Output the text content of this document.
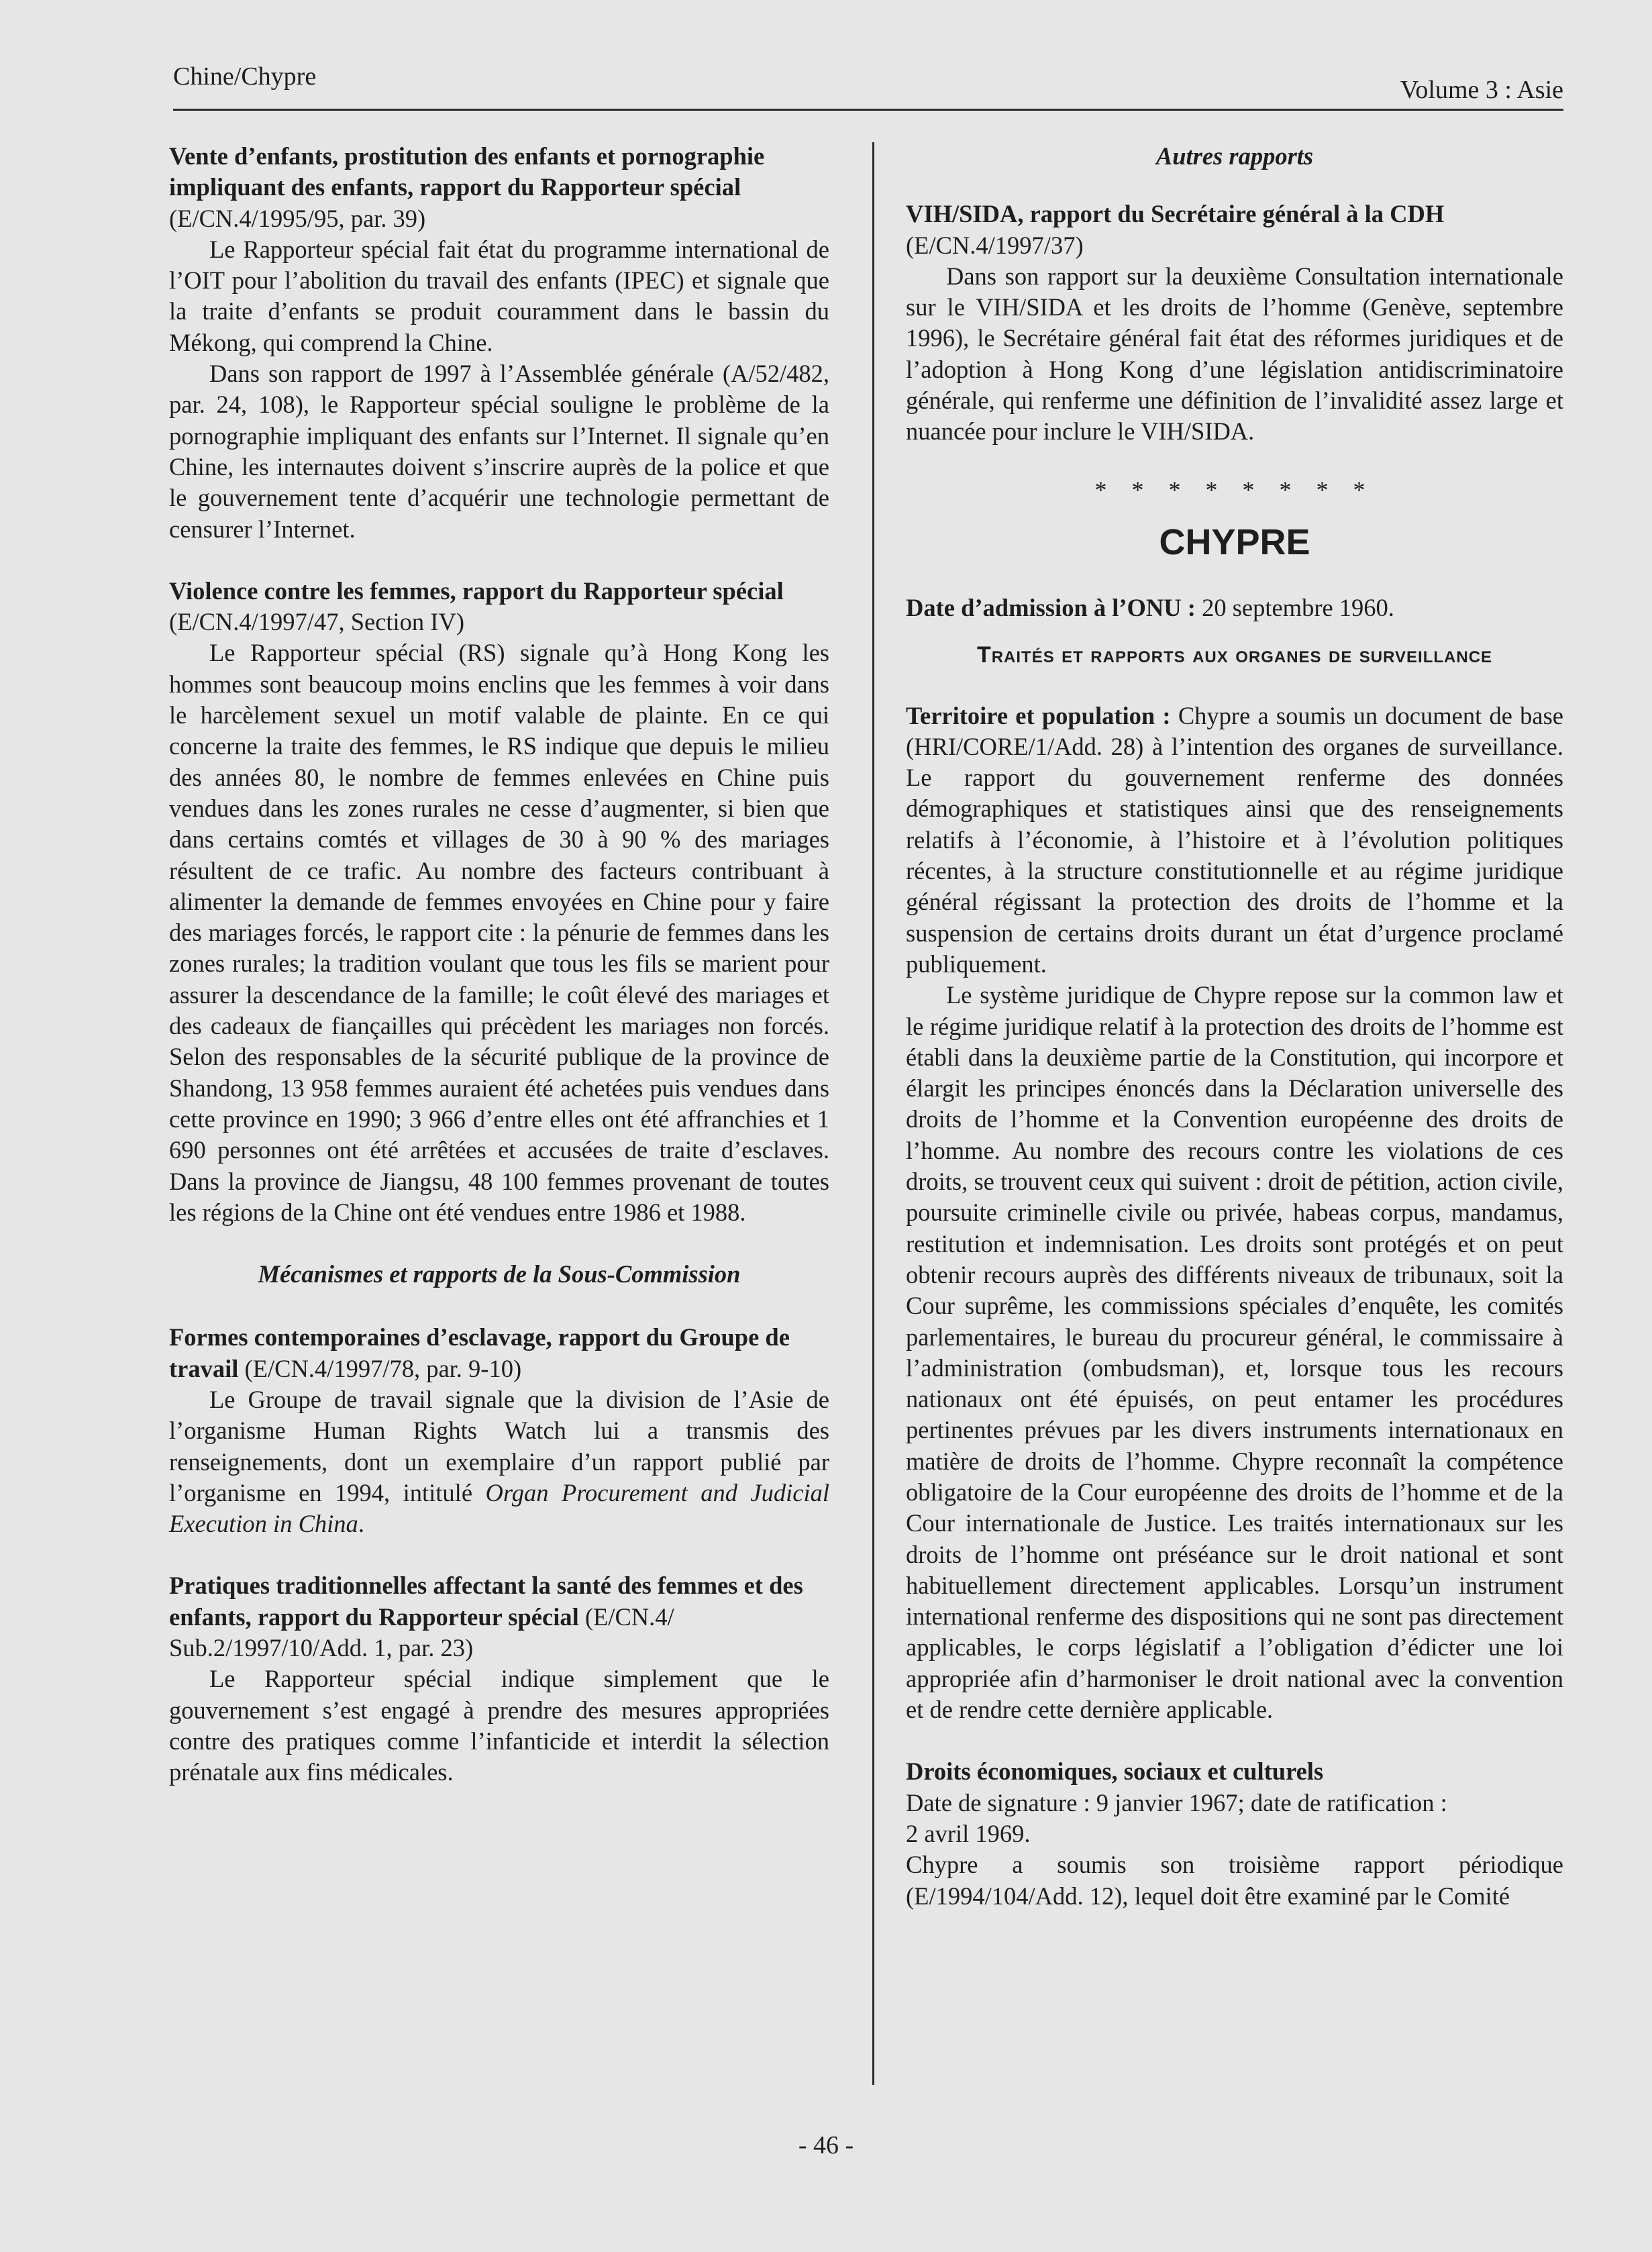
Chine/Chypre	Volume 3 : Asie

Vente d’enfants, prostitution des enfants et pornographie impliquant des enfants, rapport du Rapporteur spécial (E/CN.4/1995/95, par. 39)

Le Rapporteur spécial fait état du programme international de l’OIT pour l’abolition du travail des enfants (IPEC) et signale que la traite d’enfants se produit couramment dans le bassin du Mékong, qui comprend la Chine.

Dans son rapport de 1997 à l’Assemblée générale (A/52/482, par. 24, 108), le Rapporteur spécial souligne le problème de la pornographie impliquant des enfants sur l’Internet. Il signale qu’en Chine, les internautes doivent s’inscrire auprès de la police et que le gouvernement tente d’acquérir une technologie permettant de censurer l’Internet.

Violence contre les femmes, rapport du Rapporteur spécial (E/CN.4/1997/47, Section IV)

Le Rapporteur spécial (RS) signale qu’à Hong Kong les hommes sont beaucoup moins enclins que les femmes à voir dans le harcèlement sexuel un motif valable de plainte. En ce qui concerne la traite des femmes, le RS indique que depuis le milieu des années 80, le nombre de femmes enlevées en Chine puis vendues dans les zones rurales ne cesse d’augmenter, si bien que dans certains comtés et villages de 30 à 90 % des mariages résultent de ce trafic. Au nombre des facteurs contribuant à alimenter la demande de femmes envoyées en Chine pour y faire des mariages forcés, le rapport cite : la pénurie de femmes dans les zones rurales; la tradition voulant que tous les fils se marient pour assurer la descendance de la famille; le coût élevé des mariages et des cadeaux de fiançailles qui précèdent les mariages non forcés. Selon des responsables de la sécurité publique de la province de Shandong, 13 958 femmes auraient été achetées puis vendues dans cette province en 1990; 3 966 d’entre elles ont été affranchies et 1 690 personnes ont été arrêtées et accusées de traite d’esclaves. Dans la province de Jiangsu, 48 100 femmes provenant de toutes les régions de la Chine ont été vendues entre 1986 et 1988.

Mécanismes et rapports de la Sous-Commission

Formes contemporaines d’esclavage, rapport du Groupe de travail (E/CN.4/1997/78, par. 9-10)

Le Groupe de travail signale que la division de l’Asie de l’organisme Human Rights Watch lui a transmis des renseignements, dont un exemplaire d’un rapport publié par l’organisme en 1994, intitulé Organ Procurement and Judicial Execution in China.

Pratiques traditionnelles affectant la santé des femmes et des enfants, rapport du Rapporteur spécial (E/CN.4/ Sub.2/1997/10/Add. 1, par. 23)

Le Rapporteur spécial indique simplement que le gouvernement s’est engagé à prendre des mesures appropriées contre des pratiques comme l’infanticide et interdit la sélection prénatale aux fins médicales.

Autres rapports

VIH/SIDA, rapport du Secrétaire général à la CDH
(E/CN.4/1997/37)

Dans son rapport sur la deuxième Consultation internationale sur le VIH/SIDA et les droits de l’homme (Genève, septembre 1996), le Secrétaire général fait état des réformes juridiques et de l’adoption à Hong Kong d’une législation antidiscriminatoire générale, qui renferme une définition de l’invalidité assez large et nuancée pour inclure le VIH/SIDA.

* * * * * * * *

CHYPRE

Date d’admission à l’ONU : 20 septembre 1960.

Traités et rapports aux organes de surveillance

Territoire et population : Chypre a soumis un document de base (HRI/CORE/1/Add. 28) à l’intention des organes de surveillance. Le rapport du gouvernement renferme des données démographiques et statistiques ainsi que des renseignements relatifs à l’économie, à l’histoire et à l’évolution politiques récentes, à la structure constitutionnelle et au régime juridique général régissant la protection des droits de l’homme et la suspension de certains droits durant un état d’urgence proclamé publiquement.

Le système juridique de Chypre repose sur la common law et le régime juridique relatif à la protection des droits de l’homme est établi dans la deuxième partie de la Constitution, qui incorpore et élargit les principes énoncés dans la Déclaration universelle des droits de l’homme et la Convention européenne des droits de l’homme. Au nombre des recours contre les violations de ces droits, se trouvent ceux qui suivent : droit de pétition, action civile, poursuite criminelle civile ou privée, habeas corpus, mandamus, restitution et indemnisation. Les droits sont protégés et on peut obtenir recours auprès des différents niveaux de tribunaux, soit la Cour suprême, les commissions spéciales d’enquête, les comités parlementaires, le bureau du procureur général, le commissaire à l’administration (ombudsman), et, lorsque tous les recours nationaux ont été épuisés, on peut entamer les procédures pertinentes prévues par les divers instruments internationaux en matière de droits de l’homme. Chypre reconnaît la compétence obligatoire de la Cour européenne des droits de l’homme et de la Cour internationale de Justice. Les traités internationaux sur les droits de l’homme ont préséance sur le droit national et sont habituellement directement applicables. Lorsqu’un instrument international renferme des dispositions qui ne sont pas directement applicables, le corps législatif a l’obligation d’édicter une loi appropriée afin d’harmoniser le droit national avec la convention et de rendre cette dernière applicable.

Droits économiques, sociaux et culturels

Date de signature : 9 janvier 1967; date de ratification :

2 avril 1969.

Chypre a soumis son troisième rapport périodique (E/1994/104/Add. 12), lequel doit être examiné par le Comité

- 46 -
